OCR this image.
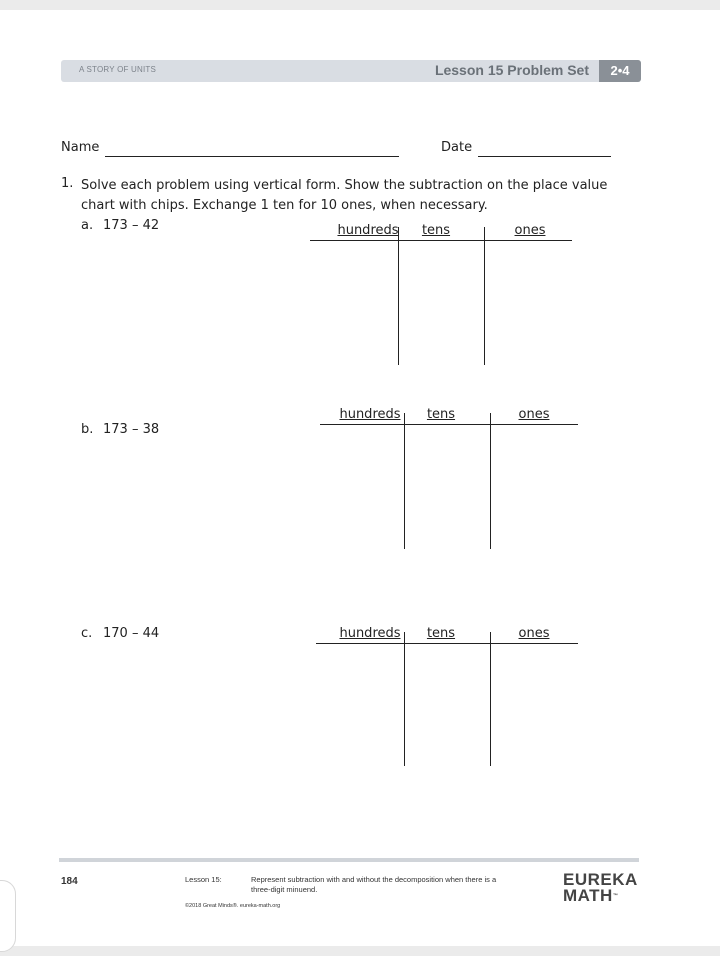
A STORY OF UNITS	Lesson 15 Problem Set	2•4
Name	Date
1. Solve each problem using vertical form. Show the subtraction on the place value chart with chips. Exchange 1 ten for 10 ones, when necessary.
a. 173 – 42	hundreds	tens	ones
b. 173 – 38
hundreds	tens	ones
c. 170 – 44	hundreds	tens	ones
184	Lesson 15:	Represent subtraction with and without the decomposition when there is a three-digit minuend.
©2018 Great Minds®. eureka-math.org
EUREKA
MATH™
